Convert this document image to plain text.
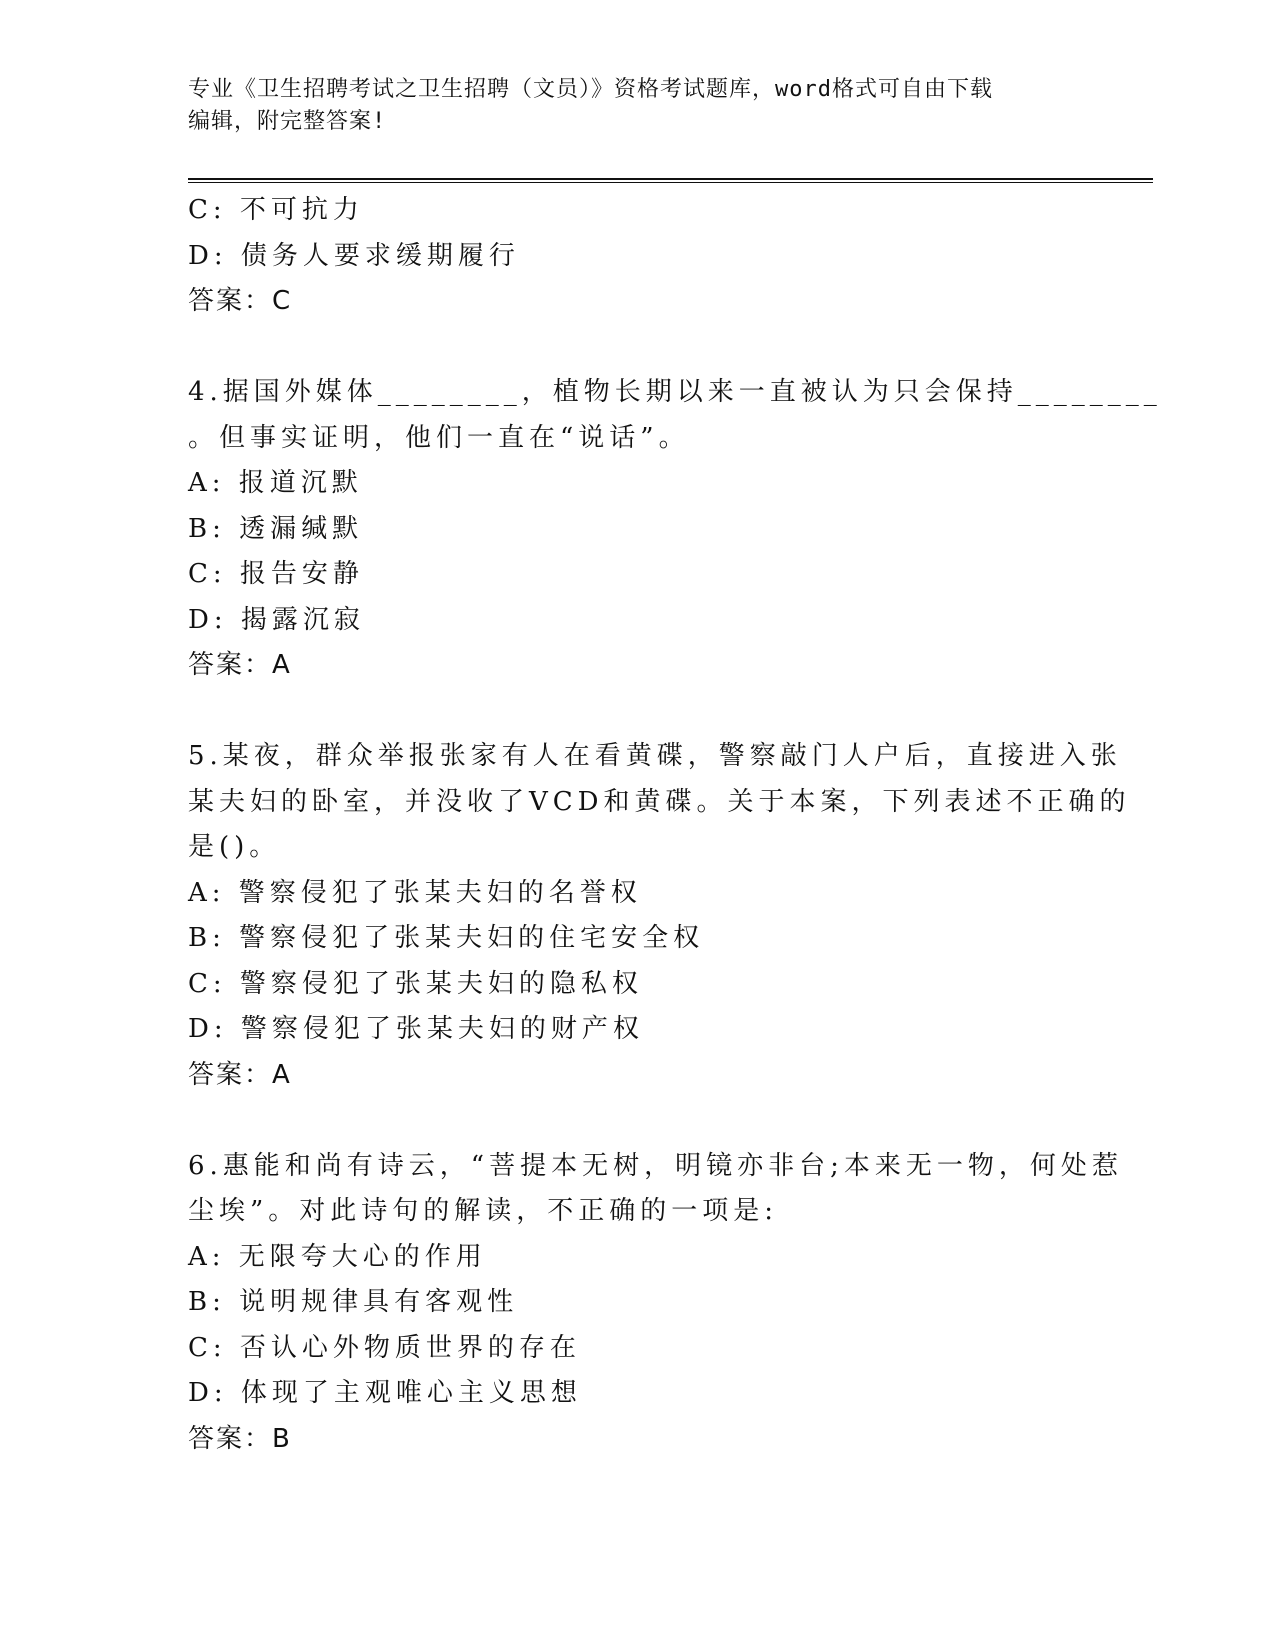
专业《卫生招聘考试之卫生招聘（文员）》资格考试题库，word格式可自由下载
编辑，附完整答案!
C: 不可抗力
D: 债务人要求缓期履行
答案：C
4.据国外媒体________，植物长期以来一直被认为只会保持________
。但事实证明，他们一直在“说话”。
A: 报道沉默
B: 透漏缄默
C: 报告安静
D: 揭露沉寂
答案：A
5.某夜，群众举报张家有人在看黄碟，警察敲门人户后，直接进入张
某夫妇的卧室，并没收了VCD和黄碟。关于本案，下列表述不正确的
是()。
A: 警察侵犯了张某夫妇的名誉权
B: 警察侵犯了张某夫妇的住宅安全权
C: 警察侵犯了张某夫妇的隐私权
D: 警察侵犯了张某夫妇的财产权
答案：A
6.惠能和尚有诗云，“菩提本无树，明镜亦非台;本来无一物，何处惹
尘埃”。对此诗句的解读，不正确的一项是:
A: 无限夸大心的作用
B: 说明规律具有客观性
C: 否认心外物质世界的存在
D: 体现了主观唯心主义思想
答案：B
